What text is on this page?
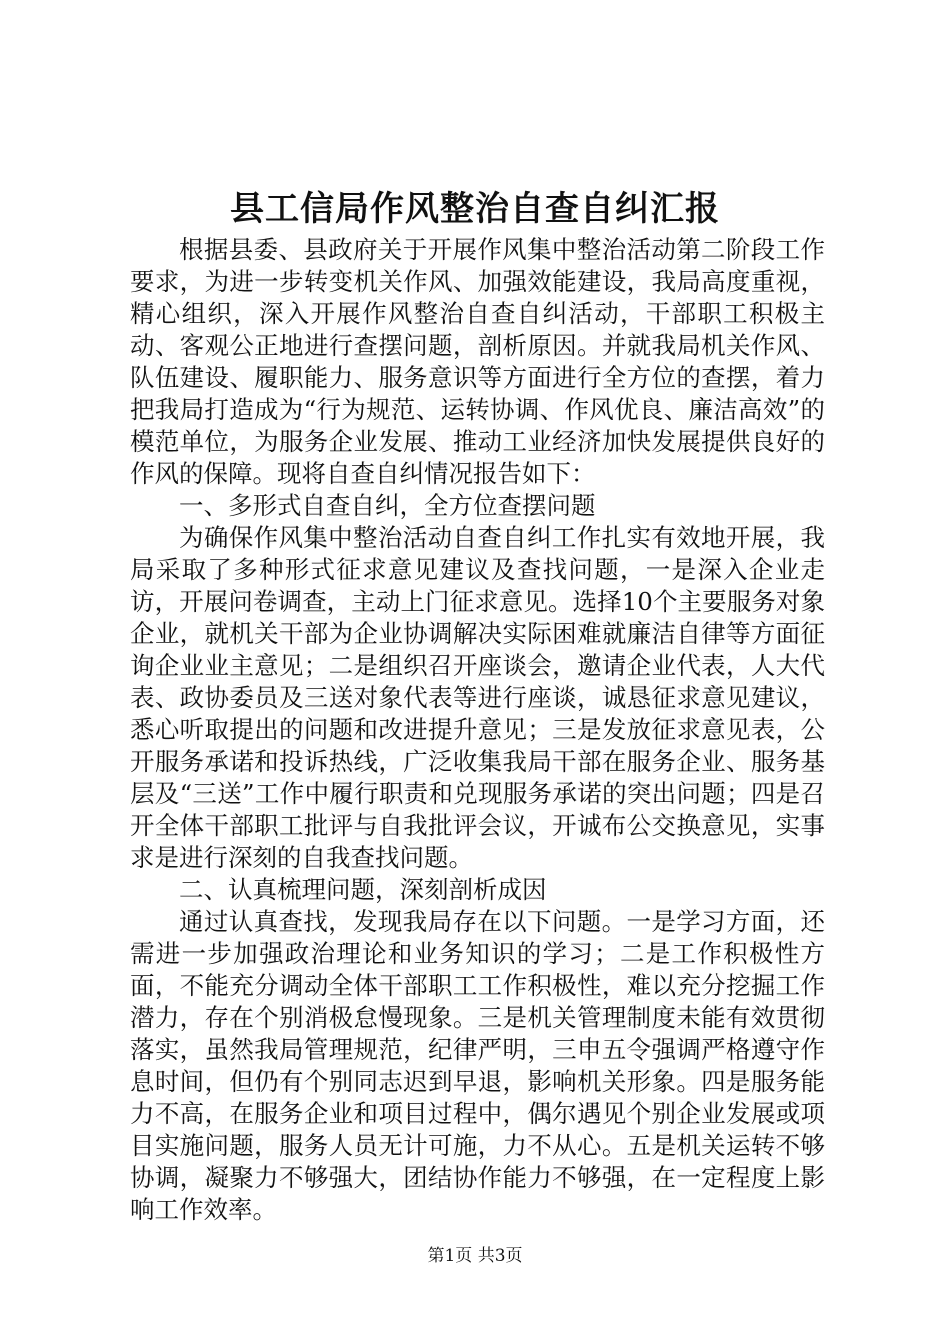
县工信局作风整治自查自纠汇报

根据县委、县政府关于开展作风集中整治活动第二阶段工作要求，为进一步转变机关作风、加强效能建设，我局高度重视，精心组织，深入开展作风整治自查自纠活动，干部职工积极主动、客观公正地进行查摆问题，剖析原因。并就我局机关作风、队伍建设、履职能力、服务意识等方面进行全方位的查摆，着力把我局打造成为“行为规范、运转协调、作风优良、廉洁高效”的模范单位，为服务企业发展、推动工业经济加快发展提供良好的作风的保障。现将自查自纠情况报告如下：

一、多形式自查自纠，全方位查摆问题

为确保作风集中整治活动自查自纠工作扎实有效地开展，我局采取了多种形式征求意见建议及查找问题，一是深入企业走访，开展问卷调查，主动上门征求意见。选择10个主要服务对象企业，就机关干部为企业协调解决实际困难就廉洁自律等方面征询企业业主意见；二是组织召开座谈会，邀请企业代表，人大代表、政协委员及三送对象代表等进行座谈，诚恳征求意见建议，悉心听取提出的问题和改进提升意见；三是发放征求意见表，公开服务承诺和投诉热线，广泛收集我局干部在服务企业、服务基层及“三送”工作中履行职责和兑现服务承诺的突出问题；四是召开全体干部职工批评与自我批评会议，开诚布公交换意见，实事求是进行深刻的自我查找问题。

二、认真梳理问题，深刻剖析成因

通过认真查找，发现我局存在以下问题。一是学习方面，还需进一步加强政治理论和业务知识的学习；二是工作积极性方面，不能充分调动全体干部职工工作积极性，难以充分挖掘工作潜力，存在个别消极怠慢现象。三是机关管理制度未能有效贯彻落实，虽然我局管理规范，纪律严明，三申五令强调严格遵守作息时间，但仍有个别同志迟到早退，影响机关形象。四是服务能力不高，在服务企业和项目过程中，偶尔遇见个别企业发展或项目实施问题，服务人员无计可施，力不从心。五是机关运转不够协调，凝聚力不够强大，团结协作能力不够强，在一定程度上影响工作效率。

第1页 共3页
